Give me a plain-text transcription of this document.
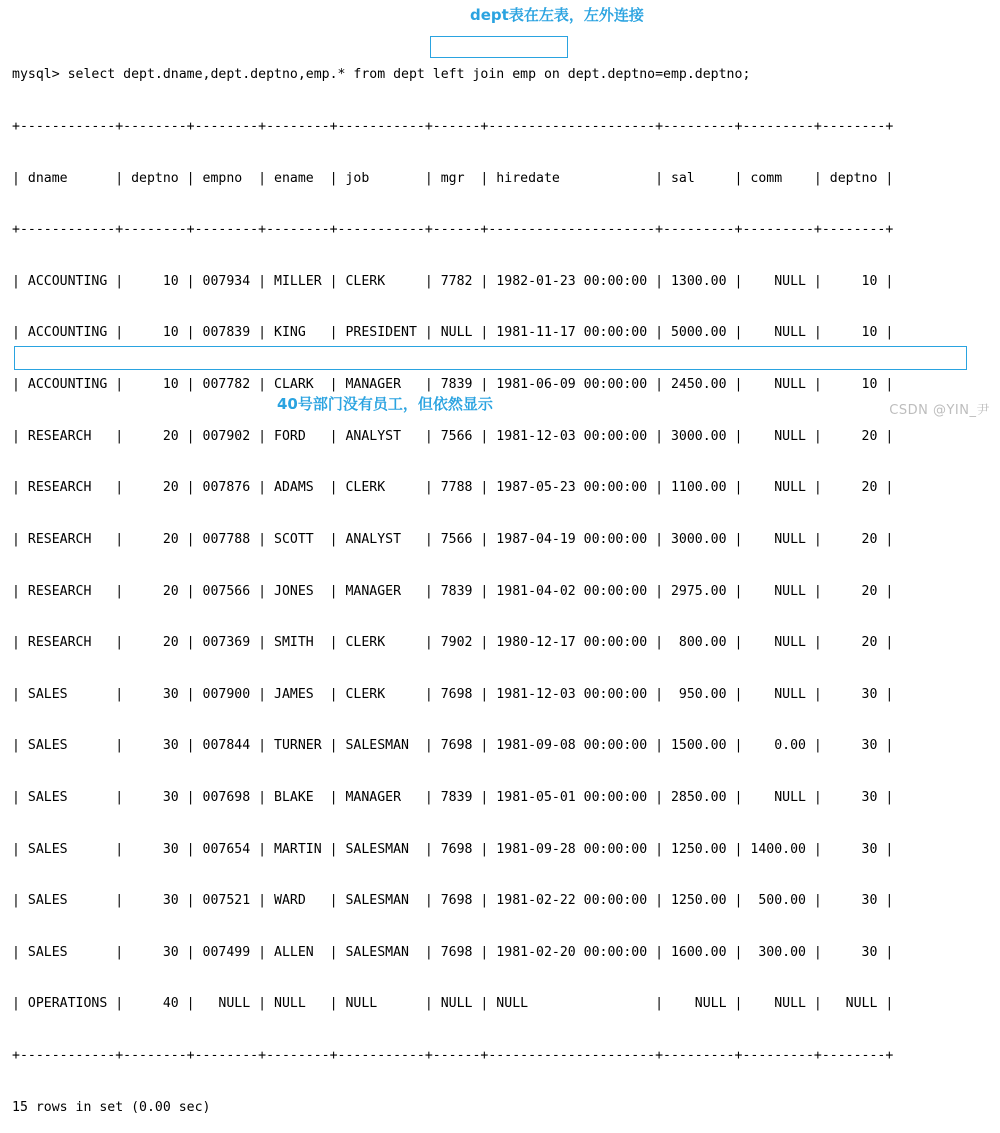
dept表在左表，左外连接

mysql> select dept.dname,dept.deptno,emp.* from dept left join emp on dept.deptno=emp.deptno;

+------------+--------+--------+--------+-----------+------+---------------------+---------+---------+--------+

| dname      | deptno | empno  | ename  | job       | mgr  | hiredate            | sal     | comm    | deptno |

+------------+--------+--------+--------+-----------+------+---------------------+---------+---------+--------+

| ACCOUNTING |     10 | 007934 | MILLER | CLERK     | 7782 | 1982-01-23 00:00:00 | 1300.00 |    NULL |     10 |

| ACCOUNTING |     10 | 007839 | KING   | PRESIDENT | NULL | 1981-11-17 00:00:00 | 5000.00 |    NULL |     10 |

| ACCOUNTING |     10 | 007782 | CLARK  | MANAGER   | 7839 | 1981-06-09 00:00:00 | 2450.00 |    NULL |     10 |

| RESEARCH   |     20 | 007902 | FORD   | ANALYST   | 7566 | 1981-12-03 00:00:00 | 3000.00 |    NULL |     20 |

| RESEARCH   |     20 | 007876 | ADAMS  | CLERK     | 7788 | 1987-05-23 00:00:00 | 1100.00 |    NULL |     20 |

| RESEARCH   |     20 | 007788 | SCOTT  | ANALYST   | 7566 | 1987-04-19 00:00:00 | 3000.00 |    NULL |     20 |

| RESEARCH   |     20 | 007566 | JONES  | MANAGER   | 7839 | 1981-04-02 00:00:00 | 2975.00 |    NULL |     20 |

| RESEARCH   |     20 | 007369 | SMITH  | CLERK     | 7902 | 1980-12-17 00:00:00 |  800.00 |    NULL |     20 |

| SALES      |     30 | 007900 | JAMES  | CLERK     | 7698 | 1981-12-03 00:00:00 |  950.00 |    NULL |     30 |

| SALES      |     30 | 007844 | TURNER | SALESMAN  | 7698 | 1981-09-08 00:00:00 | 1500.00 |    0.00 |     30 |

| SALES      |     30 | 007698 | BLAKE  | MANAGER   | 7839 | 1981-05-01 00:00:00 | 2850.00 |    NULL |     30 |

| SALES      |     30 | 007654 | MARTIN | SALESMAN  | 7698 | 1981-09-28 00:00:00 | 1250.00 | 1400.00 |     30 |

| SALES      |     30 | 007521 | WARD   | SALESMAN  | 7698 | 1981-02-22 00:00:00 | 1250.00 |  500.00 |     30 |

| SALES      |     30 | 007499 | ALLEN  | SALESMAN  | 7698 | 1981-02-20 00:00:00 | 1600.00 |  300.00 |     30 |

| OPERATIONS |     40 |   NULL | NULL   | NULL      | NULL | NULL                |    NULL |    NULL |   NULL |

+------------+--------+--------+--------+-----------+------+---------------------+---------+---------+--------+

15 rows in set (0.00 sec)

40号部门没有员工，但依然显示	CSDN @YIN_尹
